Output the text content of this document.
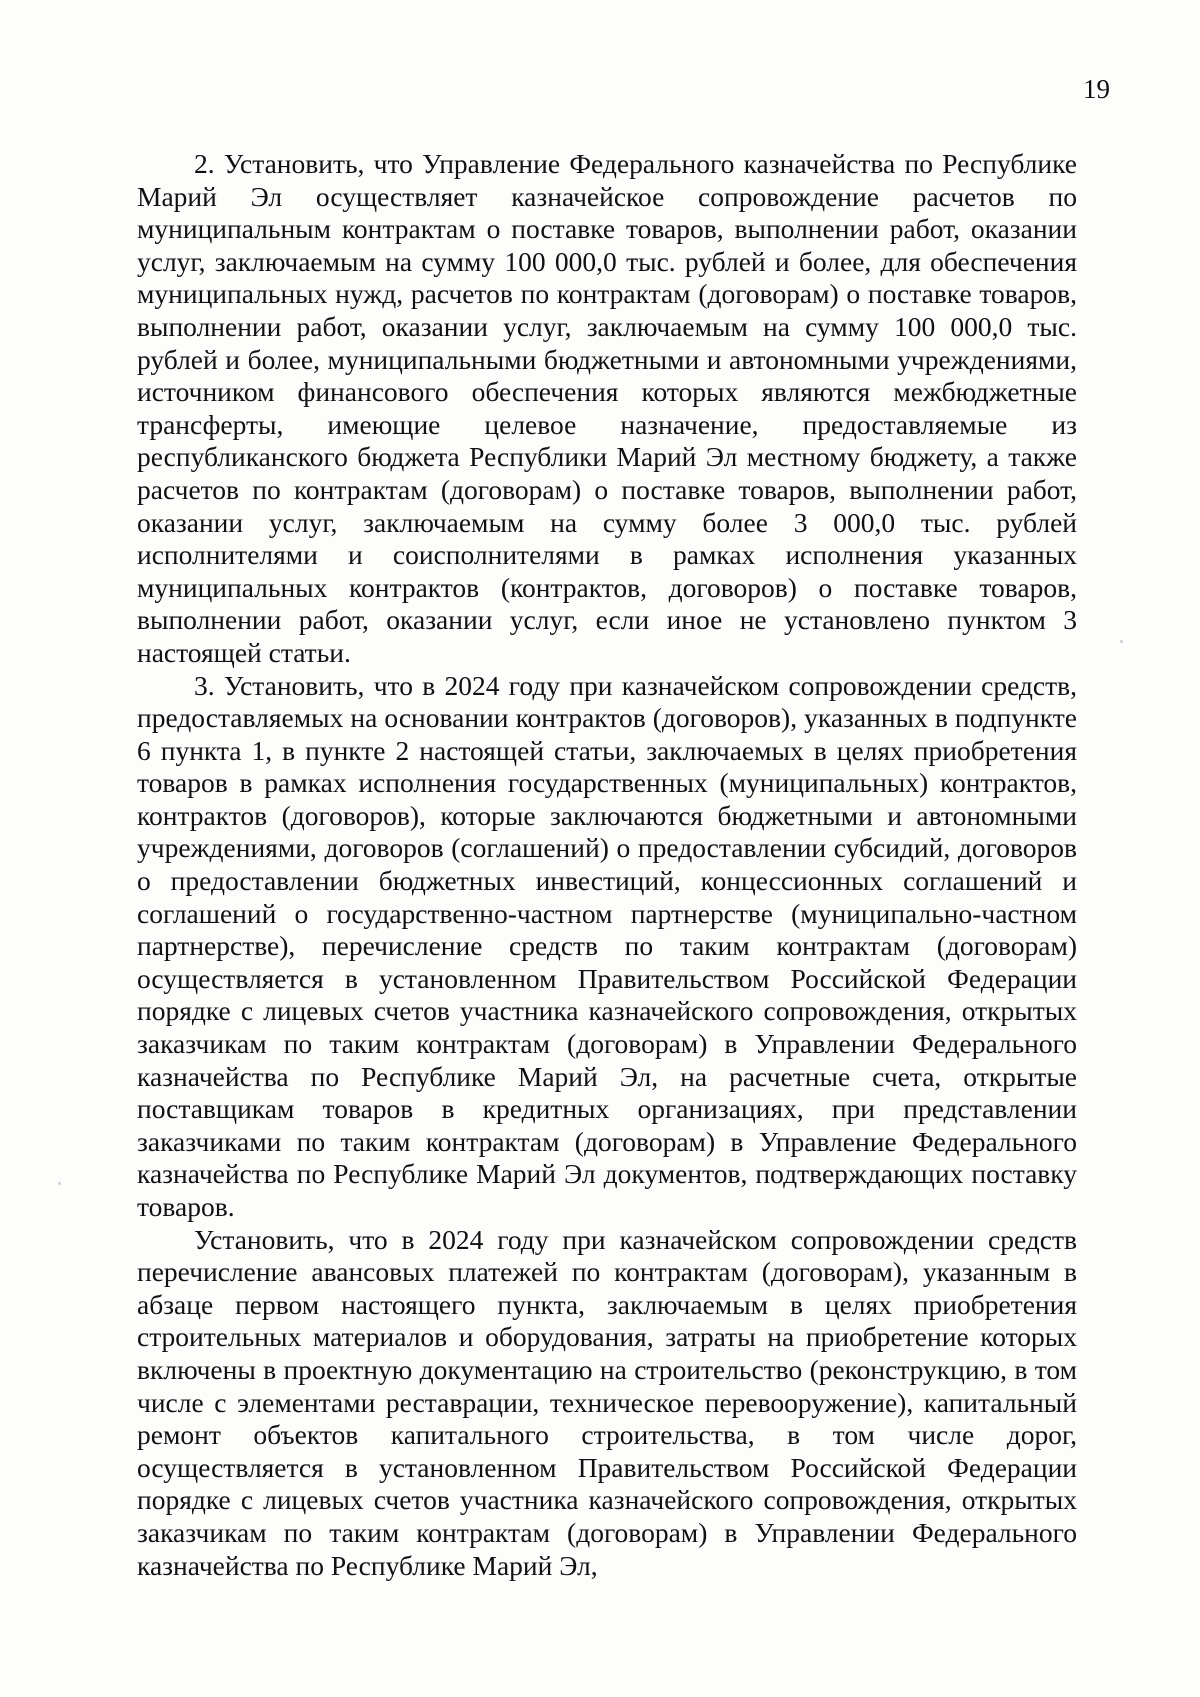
19

2. Установить, что Управление Федерального казначейства по Республике Марий Эл осуществляет казначейское сопровождение расчетов по муниципальным контрактам о поставке товаров, выполнении работ, оказании услуг, заключаемым на сумму 100 000,0 тыс. рублей и более, для обеспечения муниципальных нужд, расчетов по контрактам (договорам) о поставке товаров, выполнении работ, оказании услуг, заключаемым на сумму 100 000,0 тыс. рублей и более, муниципальными бюджетными и автономными учреждениями, источником финансового обеспечения которых являются межбюджетные трансферты, имеющие целевое назначение, предоставляемые из республиканского бюджета Республики Марий Эл местному бюджету, а также расчетов по контрактам (договорам) о поставке товаров, выполнении работ, оказании услуг, заключаемым на сумму более 3 000,0 тыс. рублей исполнителями и соисполнителями в рамках исполнения указанных муниципальных контрактов (контрактов, договоров) о поставке товаров, выполнении работ, оказании услуг, если иное не установлено пунктом 3 настоящей статьи.

3. Установить, что в 2024 году при казначейском сопровождении средств, предоставляемых на основании контрактов (договоров), указанных в подпункте 6 пункта 1, в пункте 2 настоящей статьи, заключаемых в целях приобретения товаров в рамках исполнения государственных (муниципальных) контрактов, контрактов (договоров), которые заключаются бюджетными и автономными учреждениями, договоров (соглашений) о предоставлении субсидий, договоров о предоставлении бюджетных инвестиций, концессионных соглашений и соглашений о государственно-частном партнерстве (муниципально-частном партнерстве), перечисление средств по таким контрактам (договорам) осуществляется в установленном Правительством Российской Федерации порядке с лицевых счетов участника казначейского сопровождения, открытых заказчикам по таким контрактам (договорам) в Управлении Федерального казначейства по Республике Марий Эл, на расчетные счета, открытые поставщикам товаров в кредитных организациях, при представлении заказчиками по таким контрактам (договорам) в Управление Федерального казначейства по Республике Марий Эл документов, подтверждающих поставку товаров.

Установить, что в 2024 году при казначейском сопровождении средств перечисление авансовых платежей по контрактам (договорам), указанным в абзаце первом настоящего пункта, заключаемым в целях приобретения строительных материалов и оборудования, затраты на приобретение которых включены в проектную документацию на строительство (реконструкцию, в том числе с элементами реставрации, техническое перевооружение), капитальный ремонт объектов капитального строительства, в том числе дорог, осуществляется в установленном Правительством Российской Федерации порядке с лицевых счетов участника казначейского сопровождения, открытых заказчикам по таким контрактам (договорам) в Управлении Федерального казначейства по Республике Марий Эл,
